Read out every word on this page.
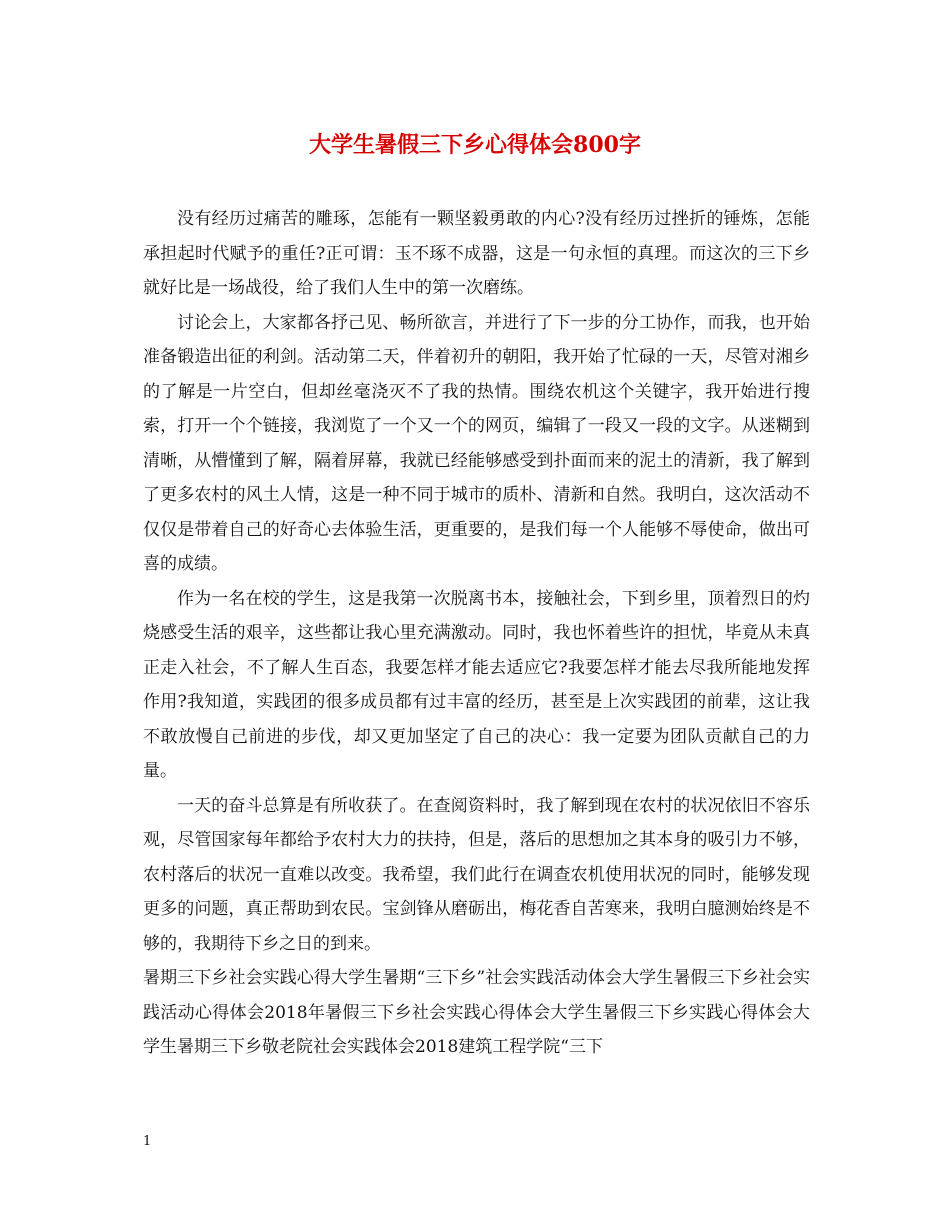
大学生暑假三下乡心得体会800字

没有经历过痛苦的雕琢，怎能有一颗坚毅勇敢的内心?没有经历过挫折的锤炼，怎能承担起时代赋予的重任?正可谓：玉不琢不成器，这是一句永恒的真理。而这次的三下乡就好比是一场战役，给了我们人生中的第一次磨练。

讨论会上，大家都各抒己见、畅所欲言，并进行了下一步的分工协作，而我，也开始准备锻造出征的利剑。活动第二天，伴着初升的朝阳，我开始了忙碌的一天，尽管对湘乡的了解是一片空白，但却丝毫浇灭不了我的热情。围绕农机这个关键字，我开始进行搜索，打开一个个链接，我浏览了一个又一个的网页，编辑了一段又一段的文字。从迷糊到清晰，从懵懂到了解，隔着屏幕，我就已经能够感受到扑面而来的泥土的清新，我了解到了更多农村的风土人情，这是一种不同于城市的质朴、清新和自然。我明白，这次活动不仅仅是带着自己的好奇心去体验生活，更重要的，是我们每一个人能够不辱使命，做出可喜的成绩。

作为一名在校的学生，这是我第一次脱离书本，接触社会，下到乡里，顶着烈日的灼烧感受生活的艰辛，这些都让我心里充满激动。同时，我也怀着些许的担忧，毕竟从未真正走入社会，不了解人生百态，我要怎样才能去适应它?我要怎样才能去尽我所能地发挥作用?我知道，实践团的很多成员都有过丰富的经历，甚至是上次实践团的前辈，这让我不敢放慢自己前进的步伐，却又更加坚定了自己的决心：我一定要为团队贡献自己的力量。

一天的奋斗总算是有所收获了。在查阅资料时，我了解到现在农村的状况依旧不容乐观，尽管国家每年都给予农村大力的扶持，但是，落后的思想加之其本身的吸引力不够，农村落后的状况一直难以改变。我希望，我们此行在调查农机使用状况的同时，能够发现更多的问题，真正帮助到农民。宝剑锋从磨砺出，梅花香自苦寒来，我明白臆测始终是不够的，我期待下乡之日的到来。

暑期三下乡社会实践心得大学生暑期“三下乡”社会实践活动体会大学生暑假三下乡社会实践活动心得体会2018年暑假三下乡社会实践心得体会大学生暑假三下乡实践心得体会大学生暑期三下乡敬老院社会实践体会2018建筑工程学院“三下

1
